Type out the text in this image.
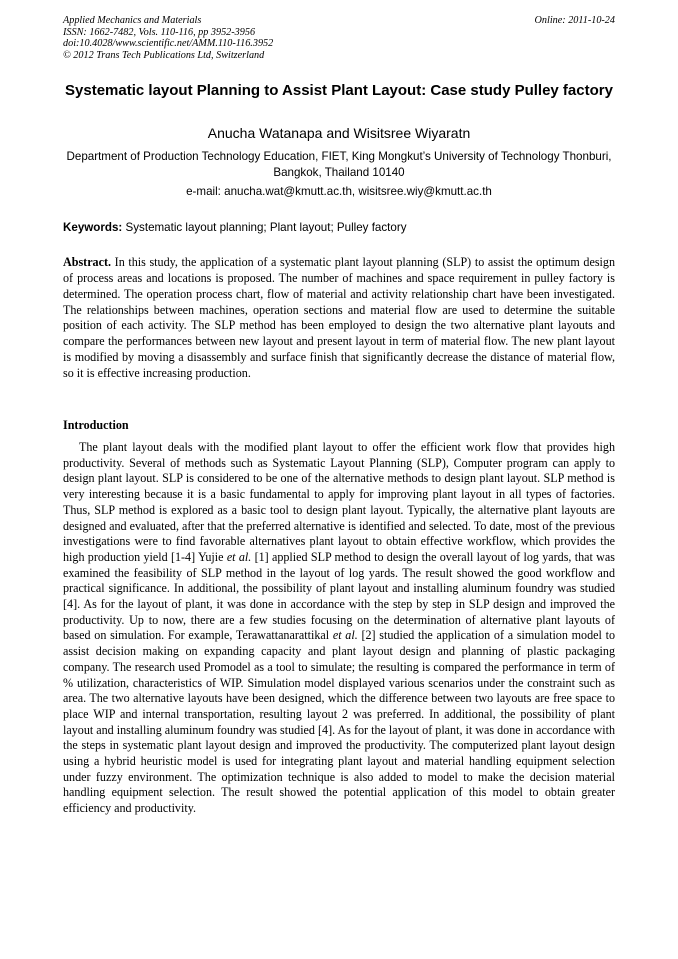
Applied Mechanics and Materials
ISSN: 1662-7482, Vols. 110-116, pp 3952-3956
doi:10.4028/www.scientific.net/AMM.110-116.3952
© 2012 Trans Tech Publications Ltd, Switzerland
Online: 2011-10-24
Systematic layout Planning to Assist Plant Layout: Case study Pulley factory
Anucha Watanapa and Wisitsree Wiyaratn
Department of Production Technology Education, FIET, King Mongkut’s University of Technology Thonburi, Bangkok, Thailand 10140
e-mail: anucha.wat@kmutt.ac.th, wisitsree.wiy@kmutt.ac.th
Keywords: Systematic layout planning; Plant layout; Pulley factory
Abstract. In this study, the application of a systematic plant layout planning (SLP) to assist the optimum design of process areas and locations is proposed. The number of machines and space requirement in pulley factory is determined. The operation process chart, flow of material and activity relationship chart have been investigated. The relationships between machines, operation sections and material flow are used to determine the suitable position of each activity. The SLP method has been employed to design the two alternative plant layouts and compare the performances between new layout and present layout in term of material flow. The new plant layout is modified by moving a disassembly and surface finish that significantly decrease the distance of material flow, so it is effective increasing production.
Introduction
The plant layout deals with the modified plant layout to offer the efficient work flow that provides high productivity. Several of methods such as Systematic Layout Planning (SLP), Computer program can apply to design plant layout. SLP is considered to be one of the alternative methods to design plant layout. SLP method is very interesting because it is a basic fundamental to apply for improving plant layout in all types of factories. Thus, SLP method is explored as a basic tool to design plant layout. Typically, the alternative plant layouts are designed and evaluated, after that the preferred alternative is identified and selected. To date, most of the previous investigations were to find favorable alternatives plant layout to obtain effective workflow, which provides the high production yield [1-4] Yujie et al. [1] applied SLP method to design the overall layout of log yards, that was examined the feasibility of SLP method in the layout of log yards. The result showed the good workflow and practical significance. In additional, the possibility of plant layout and installing aluminum foundry was studied [4]. As for the layout of plant, it was done in accordance with the step by step in SLP design and improved the productivity. Up to now, there are a few studies focusing on the determination of alternative plant layouts of based on simulation. For example, Terawattanarattikal et al. [2] studied the application of a simulation model to assist decision making on expanding capacity and plant layout design and planning of plastic packaging company. The research used Promodel as a tool to simulate; the resulting is compared the performance in term of % utilization, characteristics of WIP. Simulation model displayed various scenarios under the constraint such as area. The two alternative layouts have been designed, which the difference between two layouts are free space to place WIP and internal transportation, resulting layout 2 was preferred. In additional, the possibility of plant layout and installing aluminum foundry was studied [4]. As for the layout of plant, it was done in accordance with the steps in systematic plant layout design and improved the productivity. The computerized plant layout design using a hybrid heuristic model is used for integrating plant layout and material handling equipment selection under fuzzy environment. The optimization technique is also added to model to make the decision material handling equipment selection. The result showed the potential application of this model to obtain greater efficiency and productivity.
